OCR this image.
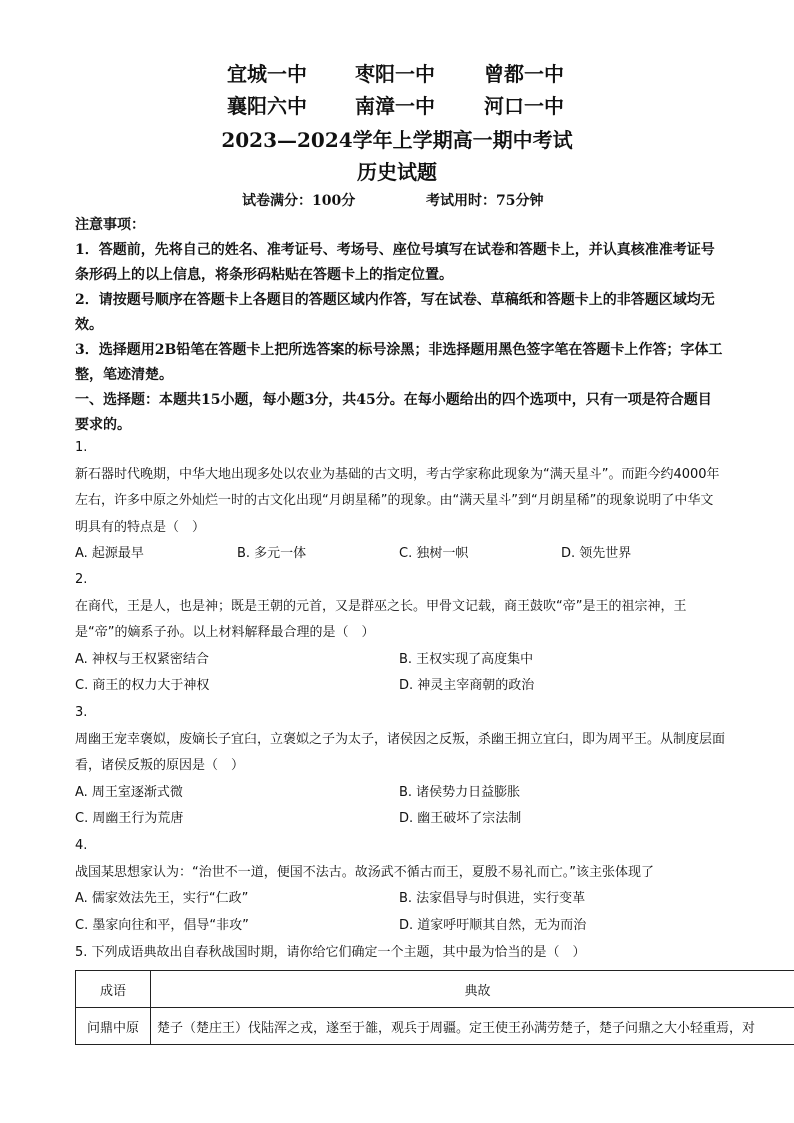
宜城一中 枣阳一中 曾都一中
襄阳六中 南漳一中 河口一中
2023—2024学年上学期高一期中考试
历史试题
试卷满分：100分	考试用时：75分钟

注意事项：

1．答题前，先将自己的姓名、准考证号、考场号、座位号填写在试卷和答题卡上，并认真核准准考证号条形码上的以上信息，将条形码粘贴在答题卡上的指定位置。

2．请按题号顺序在答题卡上各题目的答题区域内作答，写在试卷、草稿纸和答题卡上的非答题区域均无效。

3．选择题用2B铅笔在答题卡上把所选答案的标号涂黑；非选择题用黑色签字笔在答题卡上作答；字体工整，笔迹清楚。

一、选择题：本题共15小题，每小题3分，共45分。在每小题给出的四个选项中，只有一项是符合题目要求的。

1.
新石器时代晚期，中华大地出现多处以农业为基础的古文明，考古学家称此现象为“满天星斗”。而距今约4000年左右，许多中原之外灿烂一时的古文化出现“月朗星稀”的现象。由“满天星斗”到“月朗星稀”的现象说明了中华文明具有的特点是（　）
A. 起源最早	B. 多元一体	C. 独树一帜	D. 领先世界
2.
在商代，王是人，也是神；既是王朝的元首，又是群巫之长。甲骨文记载，商王鼓吹“帝”是王的祖宗神，王是“帝”的嫡系子孙。以上材料解释最合理的是（　）
A. 神权与王权紧密结合	B. 王权实现了高度集中
C. 商王的权力大于神权	D. 神灵主宰商朝的政治
3.
周幽王宠幸褒姒，废嫡长子宜臼，立褒姒之子为太子，诸侯因之反叛，杀幽王拥立宜臼，即为周平王。从制度层面看，诸侯反叛的原因是（　）
A. 周王室逐渐式微	B. 诸侯势力日益膨胀
C. 周幽王行为荒唐	D. 幽王破坏了宗法制
4.
战国某思想家认为：“治世不一道，便国不法古。故汤武不循古而王，夏殷不易礼而亡。”该主张体现了
A. 儒家效法先王，实行“仁政”	B. 法家倡导与时俱进，实行变革
C. 墨家向往和平，倡导“非攻”	D. 道家呼吁顺其自然，无为而治
5. 下列成语典故出自春秋战国时期，请你给它们确定一个主题，其中最为恰当的是（　）
成语	典故
问鼎中原	楚子（楚庄王）伐陆浑之戎，遂至于雒，观兵于周疆。定王使王孙满劳楚子，楚子问鼎之大小轻重焉，对
